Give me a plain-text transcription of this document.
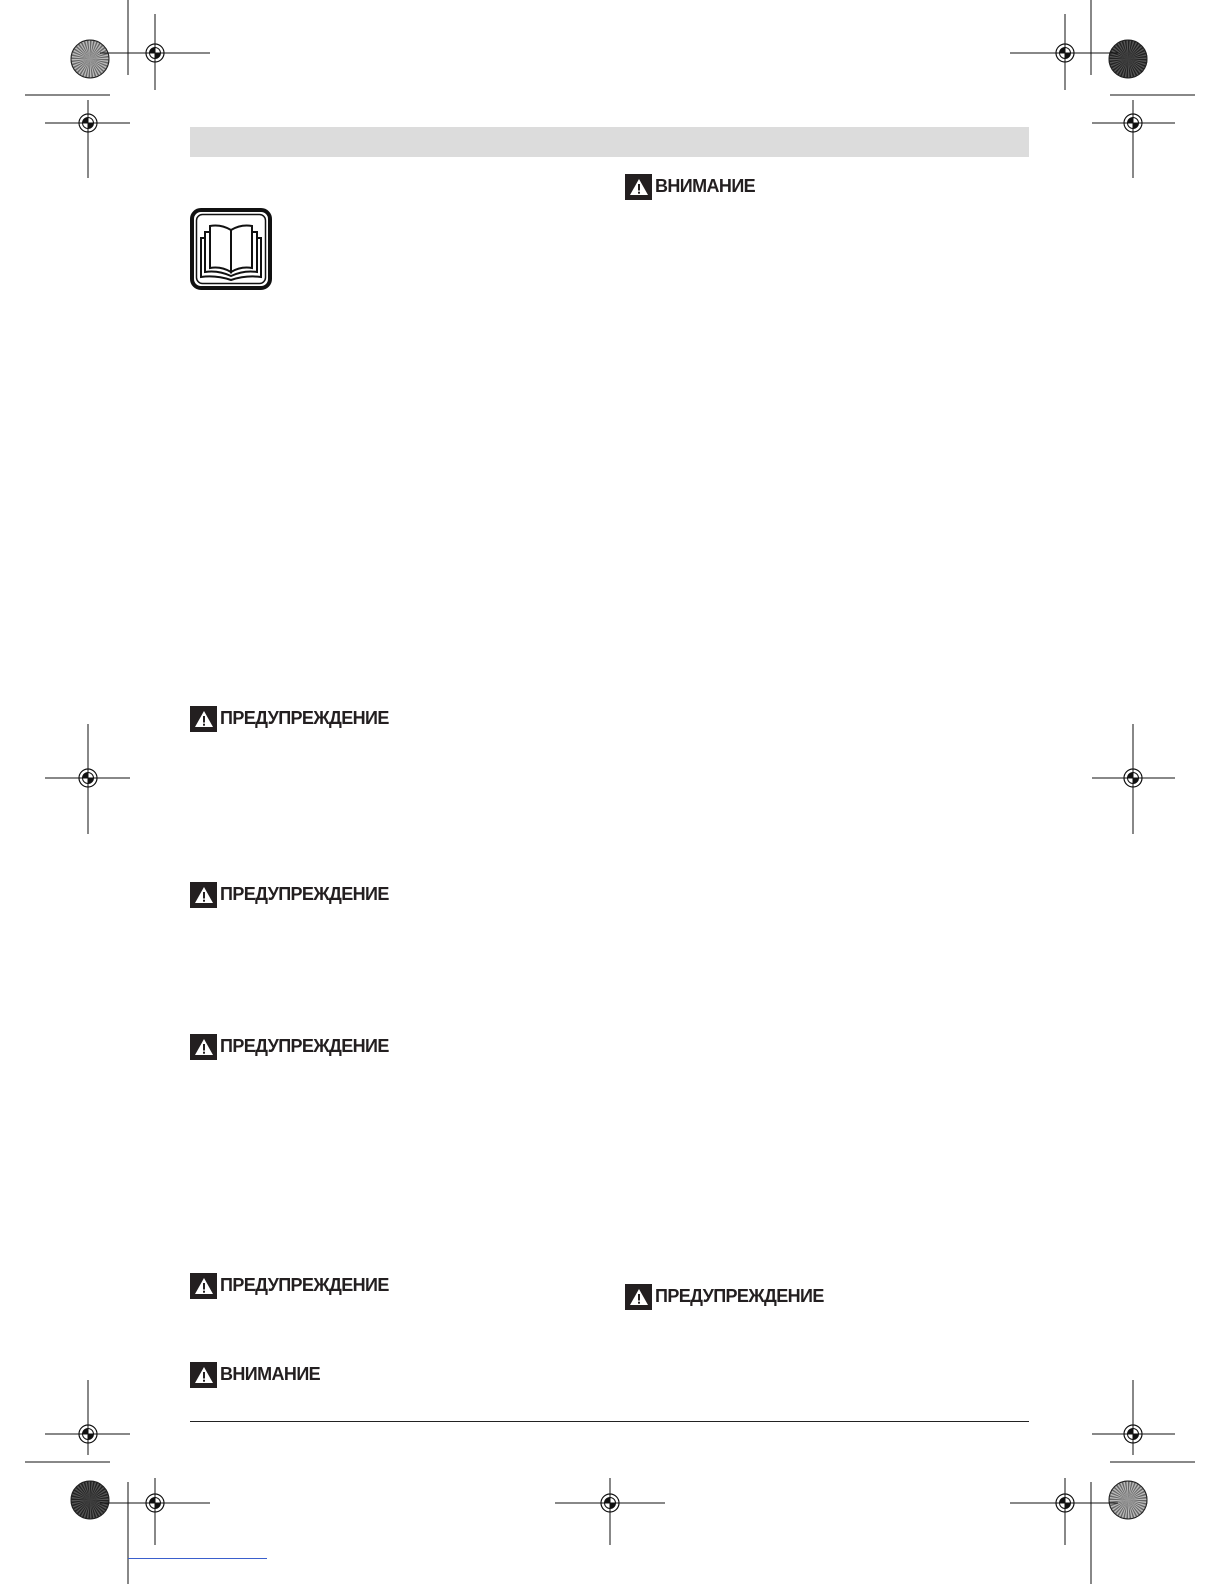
ВНИМАНИЕ
ПРЕДУПРЕЖДЕНИЕ
ПРЕДУПРЕЖДЕНИЕ
ПРЕДУПРЕЖДЕНИЕ
ПРЕДУПРЕЖДЕНИЕ
ВНИМАНИЕ
ПРЕДУПРЕЖДЕНИЕ
